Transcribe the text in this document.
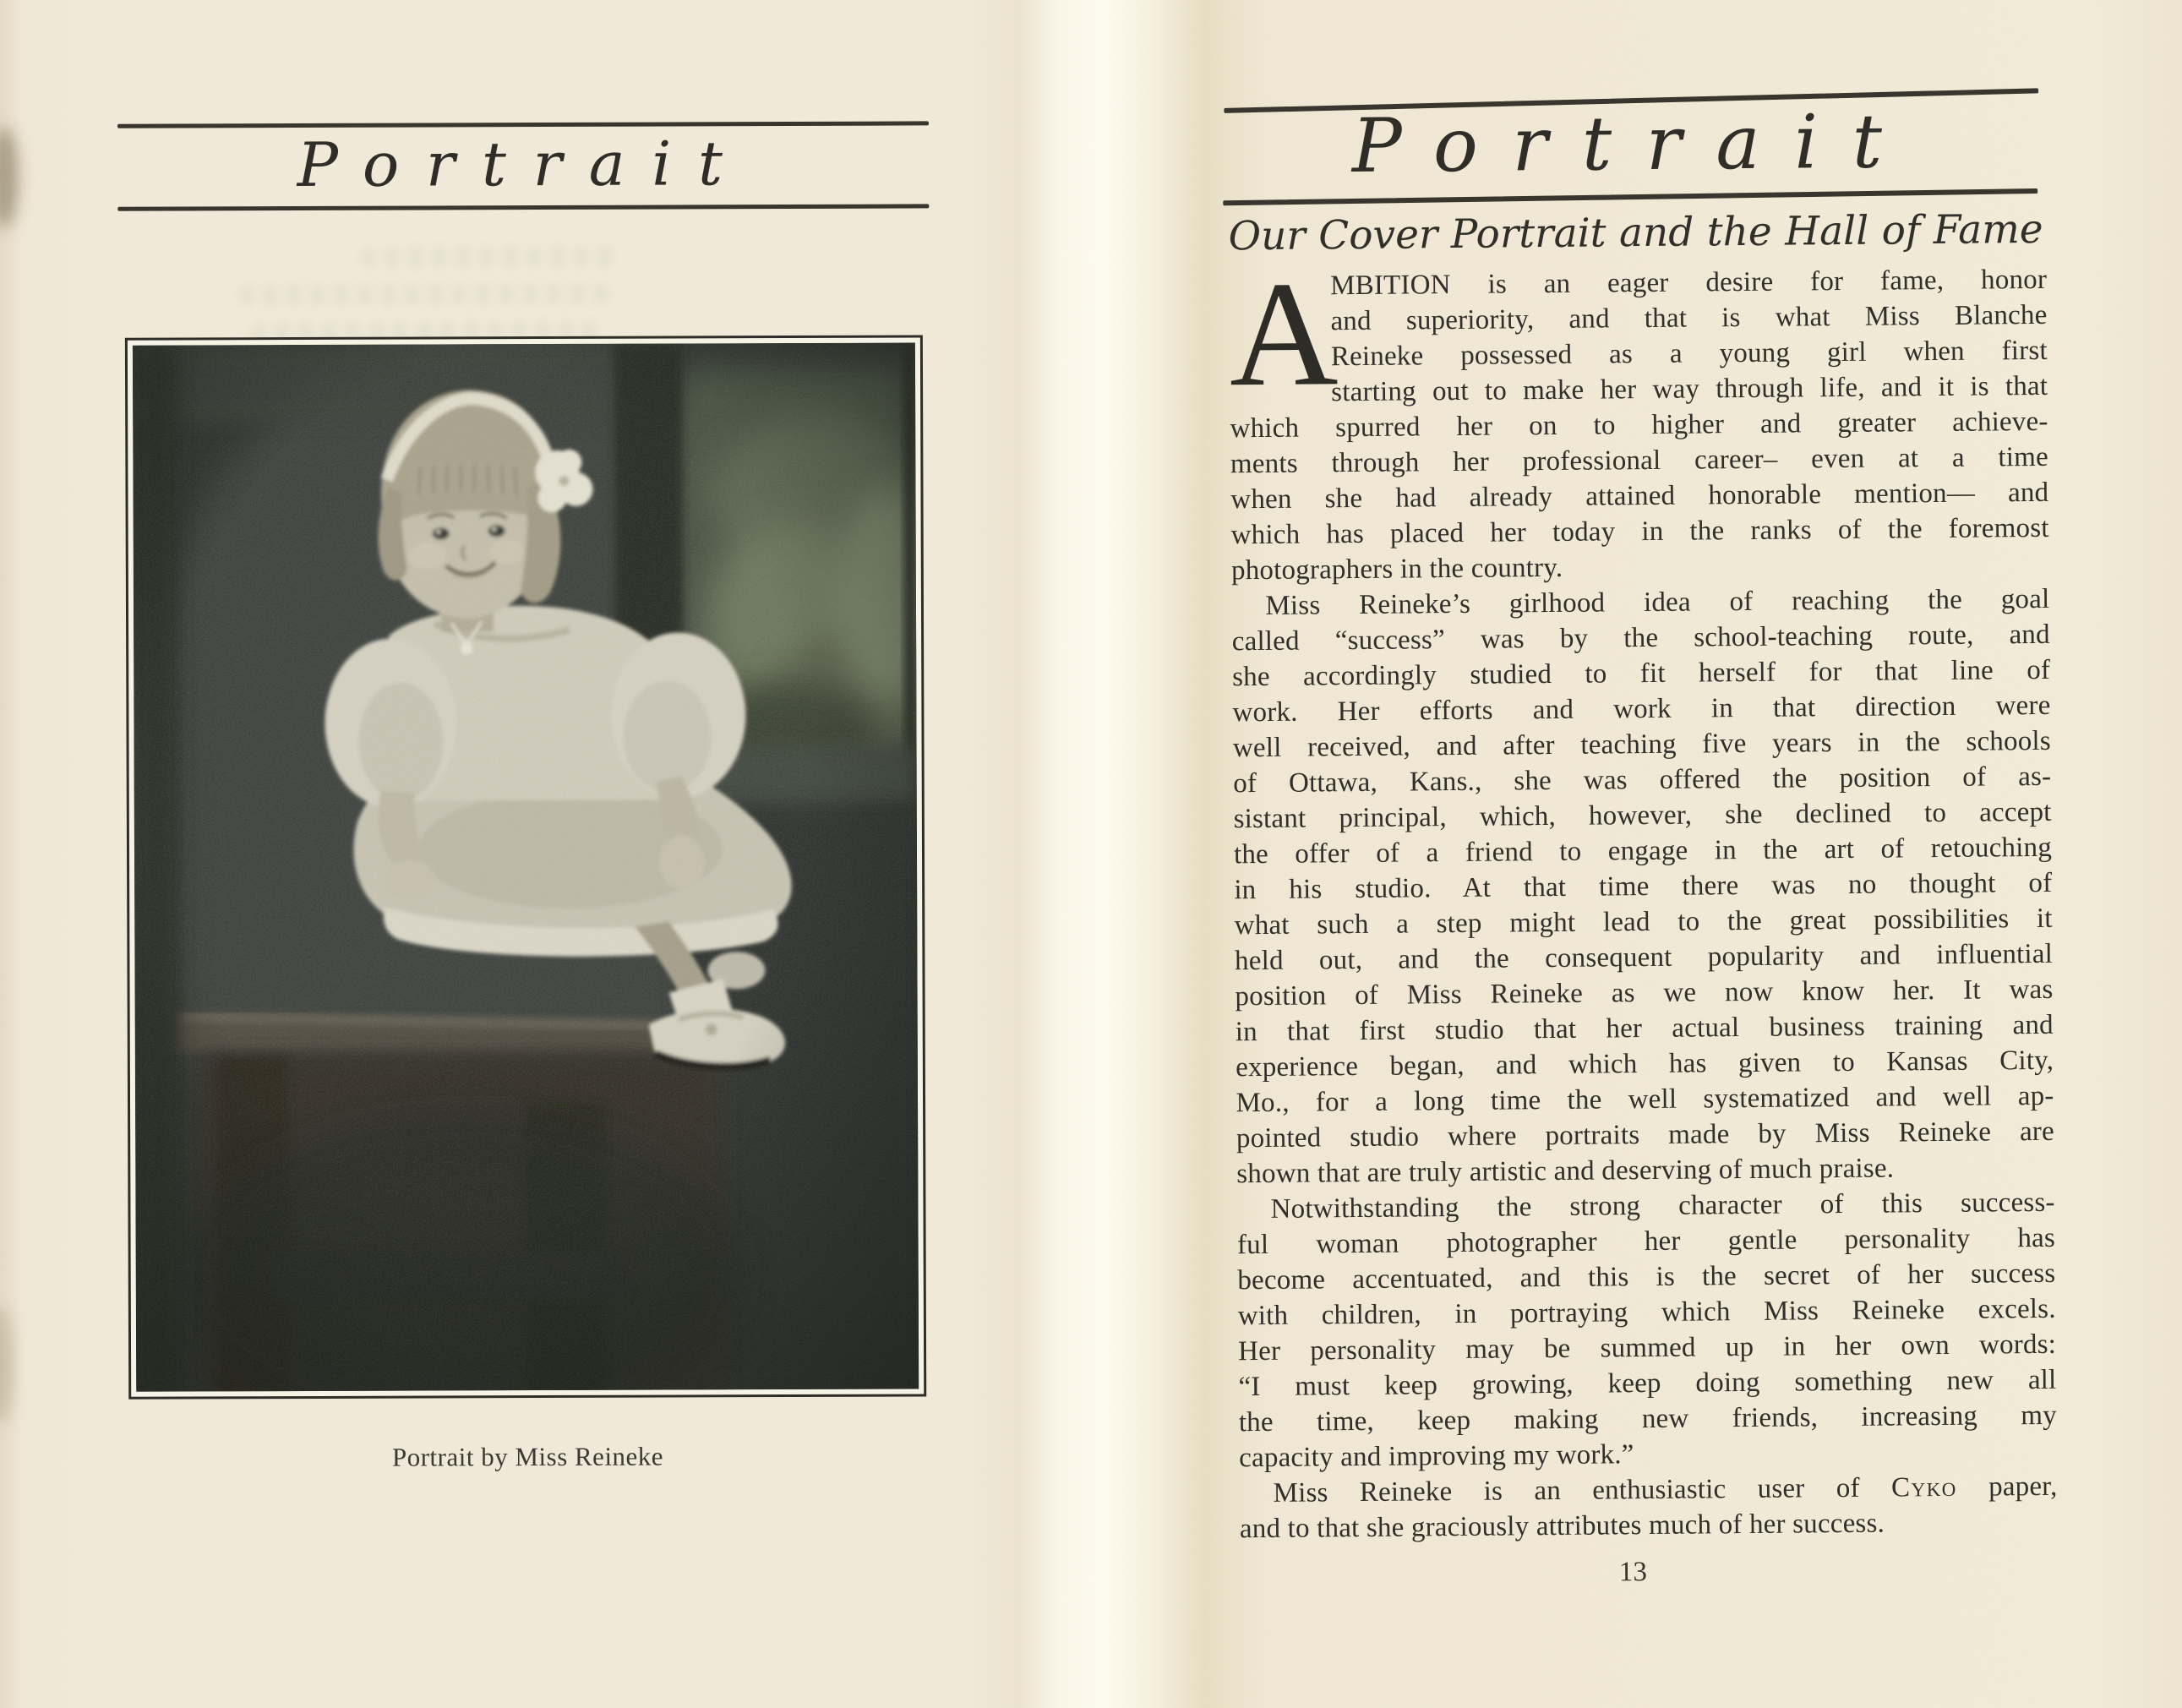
Portrait
Portrait by Miss Reineke
Portrait
Our Cover Portrait and the Hall of Fame
A
MBITION is an eager desire for fame, honor
and superiority, and that is what Miss Blanche
Reineke possessed as a young girl when first
starting out to make her way through life, and it is that
which spurred her on to higher and greater achieve-
ments through her professional career– even at a time
when she had already attained honorable mention— and
which has placed her today in the ranks of the foremost
photographers in the country.
Miss Reineke’s girlhood idea of reaching the goal
called “success” was by the school-teaching route, and
she accordingly studied to fit herself for that line of
work. Her efforts and work in that direction were
well received, and after teaching five years in the schools
of Ottawa, Kans., she was offered the position of as-
sistant principal, which, however, she declined to accept
the offer of a friend to engage in the art of retouching
in his studio. At that time there was no thought of
what such a step might lead to the great possibilities it
held out, and the consequent popularity and influential
position of Miss Reineke as we now know her. It was
in that first studio that her actual business training and
experience began, and which has given to Kansas City,
Mo., for a long time the well systematized and well ap-
pointed studio where portraits made by Miss Reineke are
shown that are truly artistic and deserving of much praise.
Notwithstanding the strong character of this success-
ful woman photographer her gentle personality has
become accentuated, and this is the secret of her success
with children, in portraying which Miss Reineke excels.
Her personality may be summed up in her own words:
“I must keep growing, keep doing something new all
the time, keep making new friends, increasing my
capacity and improving my work.”
Miss Reineke is an enthusiastic user of Cyko paper,
and to that she graciously attributes much of her success.
13
